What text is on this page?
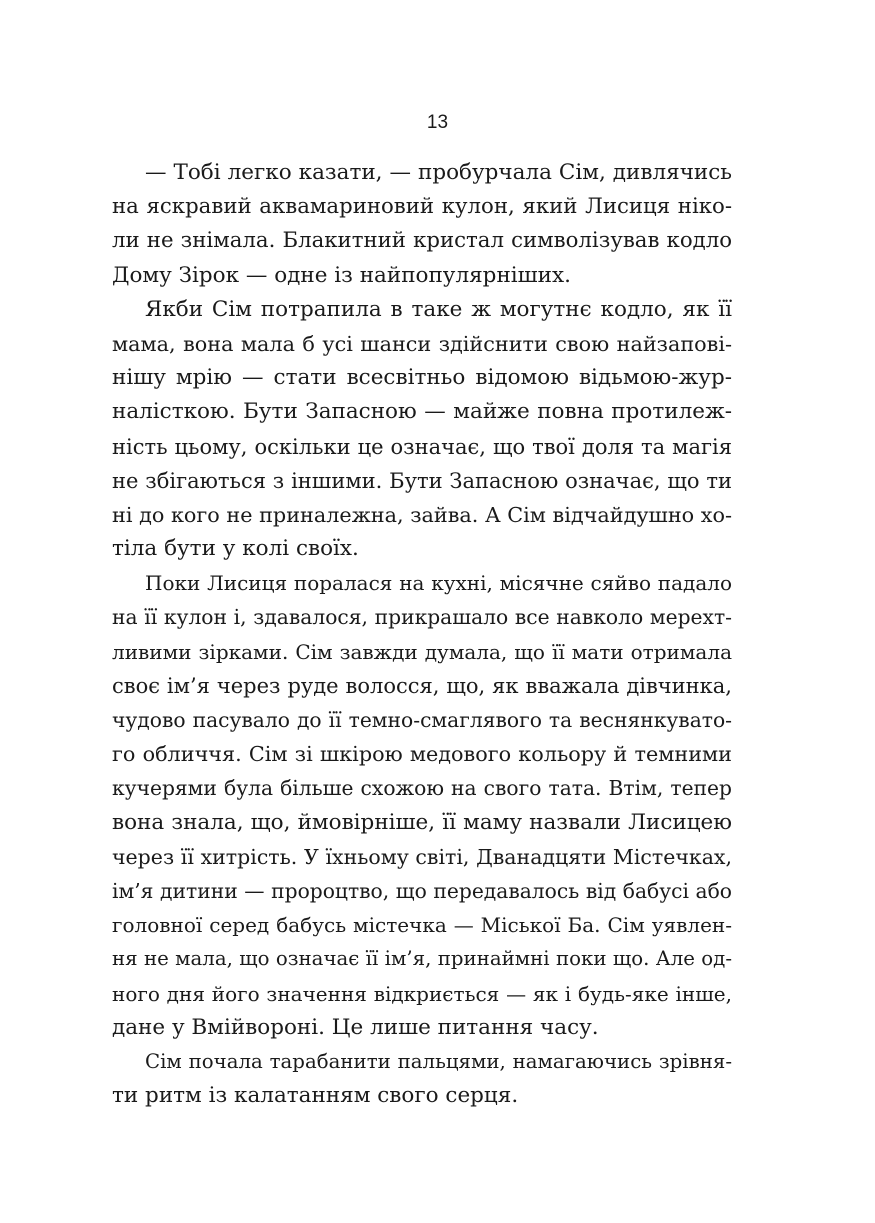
13
— Тобі легко казати, — пробурчала Сім, дивлячись
на яскравий аквамариновий кулон, який Лисиця ніко-
ли не знімала. Блакитний кристал символізував кодло
Дому Зірок — одне із найпопулярніших.
Якби Сім потрапила в таке ж могутнє кодло, як її
мама, вона мала б усі шанси здійснити свою найзапові-
нішу мрію — стати всесвітньо відомою відьмою-жур-
налісткою. Бути Запасною — майже повна протилеж-
ність цьому, оскільки це означає, що твої доля та магія
не збігаються з іншими. Бути Запасною означає, що ти
ні до кого не приналежна, зайва. А Сім відчайдушно хо-
тіла бути у колі своїх.
Поки Лисиця поралася на кухні, місячне сяйво падало
на її кулон і, здавалося, прикрашало все навколо мерехт-
ливими зірками. Сім завжди думала, що її мати отримала
своє ім’я через руде волосся, що, як вважала дівчинка,
чудово пасувало до її темно-смаглявого та веснянкувато-
го обличчя. Сім зі шкірою медового кольору й темними
кучерями була більше схожою на свого тата. Втім, тепер
вона знала, що, ймовірніше, її маму назвали Лисицею
через її хитрість. У їхньому світі, Дванадцяти Містечках,
ім’я дитини — пророцтво, що передавалось від бабусі або
головної серед бабусь містечка — Міської Ба. Сім уявлен-
ня не мала, що означає її ім’я, принаймні поки що. Але од-
ного дня його значення відкриється — як і будь-яке інше,
дане у Вмійвороні. Це лише питання часу.
Сім почала тарабанити пальцями, намагаючись зрівня-
ти ритм із калатанням свого серця.
